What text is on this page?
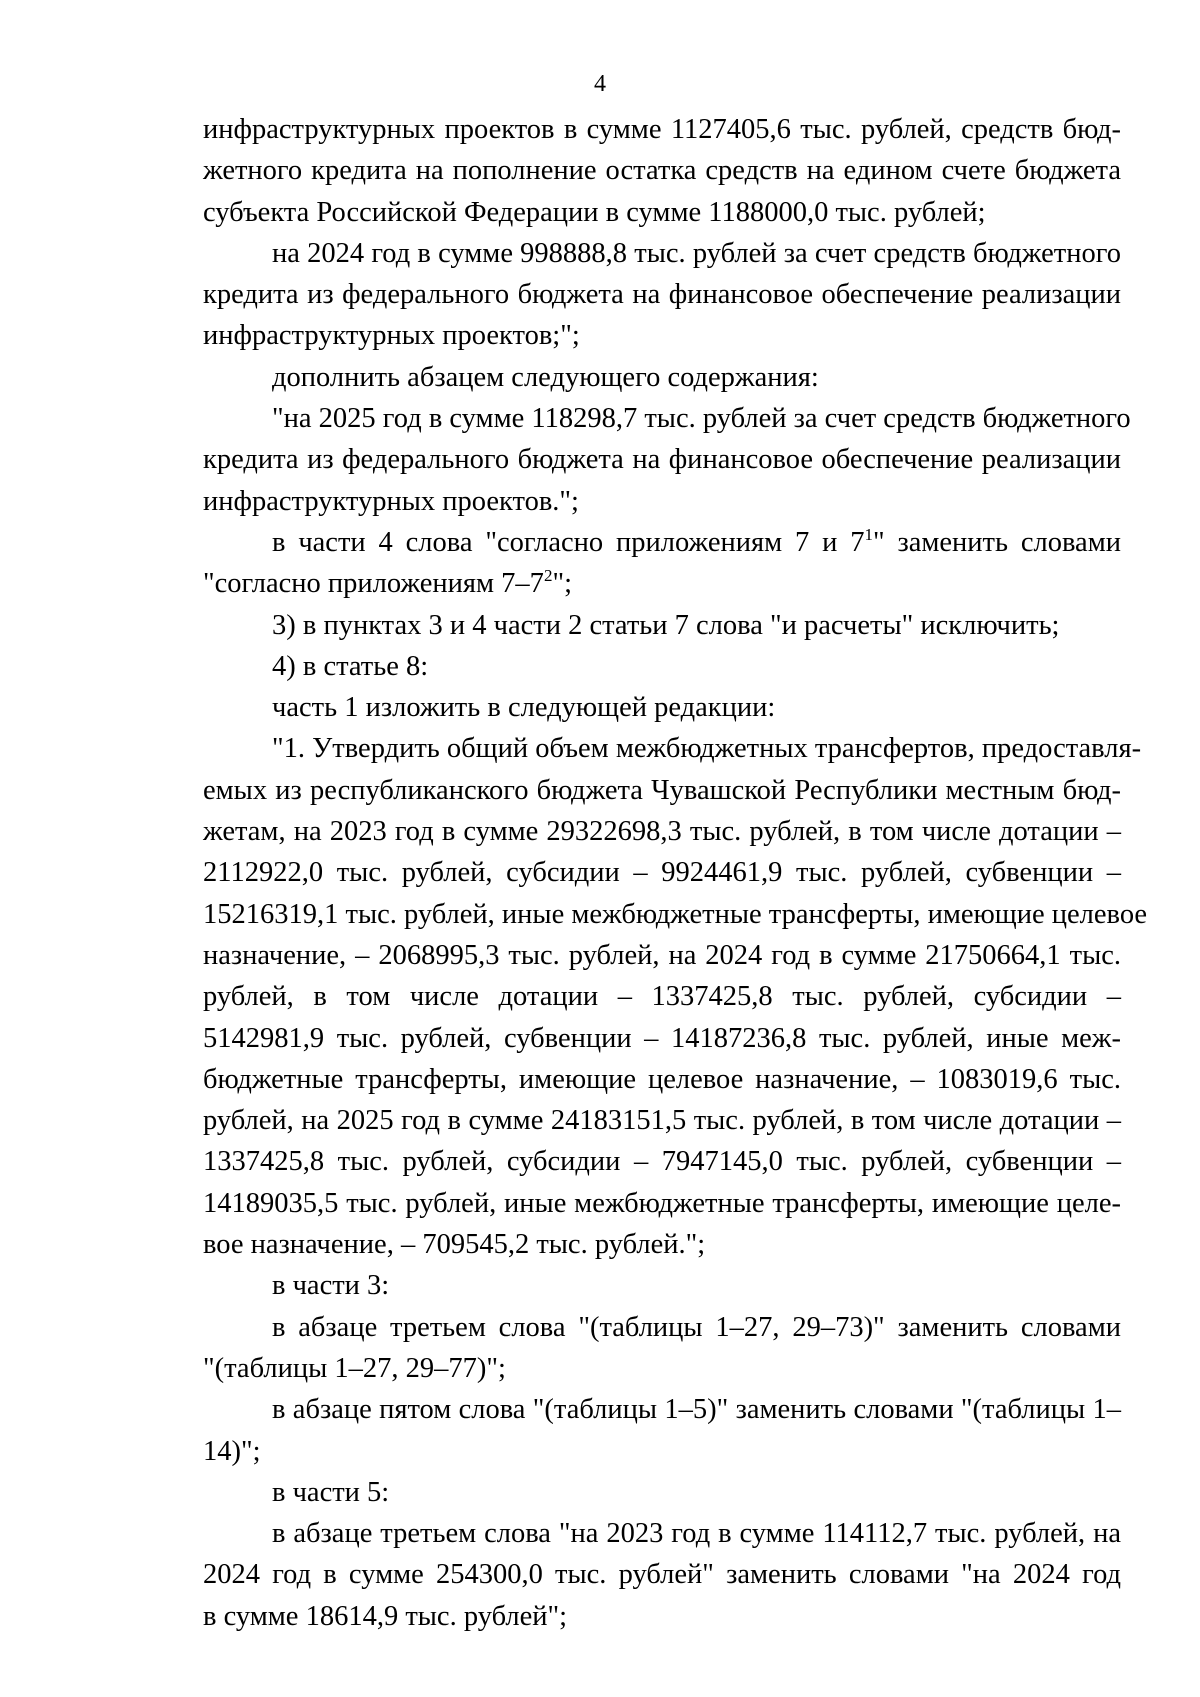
4

инфраструктурных проектов в сумме 1127405,6 тыс. рублей, средств бюд-
жетного кредита на пополнение остатка средств на едином счете бюджета
субъекта Российской Федерации в сумме 1188000,0 тыс. рублей;

на 2024 год в сумме 998888,8 тыс. рублей за счет средств бюджетного
кредита из федерального бюджета на финансовое обеспечение реализации
инфраструктурных проектов;";

дополнить абзацем следующего содержания:

"на 2025 год в сумме 118298,7 тыс. рублей за счет средств бюджетного
кредита из федерального бюджета на финансовое обеспечение реализации
инфраструктурных проектов.";

в части 4 слова "согласно приложениям 7 и $7^1$" заменить словами
"согласно приложениям $7-7^2$";

3) в пунктах 3 и 4 части 2 статьи 7 слова "и расчеты" исключить;

4) в статье 8:

часть 1 изложить в следующей редакции:

"1. Утвердить общий объем межбюджетных трансфертов, предоставля-
емых из республиканского бюджета Чувашской Республики местным бюд-
жетам, на 2023 год в сумме 29322698,3 тыс. рублей, в том числе дотации –
2112922,0 тыс. рублей, субсидии – 9924461,9 тыс. рублей, субвенции –
15216319,1 тыс. рублей, иные межбюджетные трансферты, имеющие целевое
назначение, – 2068995,3 тыс. рублей, на 2024 год в сумме 21750664,1 тыс.
рублей, в том числе дотации – 1337425,8 тыс. рублей, субсидии –
5142981,9 тыс. рублей, субвенции – 14187236,8 тыс. рублей, иные меж-
бюджетные трансферты, имеющие целевое назначение, – 1083019,6 тыс.
рублей, на 2025 год в сумме 24183151,5 тыс. рублей, в том числе дотации –
1337425,8 тыс. рублей, субсидии – 7947145,0 тыс. рублей, субвенции –
14189035,5 тыс. рублей, иные межбюджетные трансферты, имеющие целе-
вое назначение, – 709545,2 тыс. рублей.";

в части 3:

в абзаце третьем слова "(таблицы 1–27, 29–73)" заменить словами
"(таблицы 1–27, 29–77)";

в абзаце пятом слова "(таблицы 1–5)" заменить словами "(таблицы 1–
14)";

в части 5:

в абзаце третьем слова "на 2023 год в сумме 114112,7 тыс. рублей, на
2024 год в сумме 254300,0 тыс. рублей" заменить словами "на 2024 год
в сумме 18614,9 тыс. рублей";
